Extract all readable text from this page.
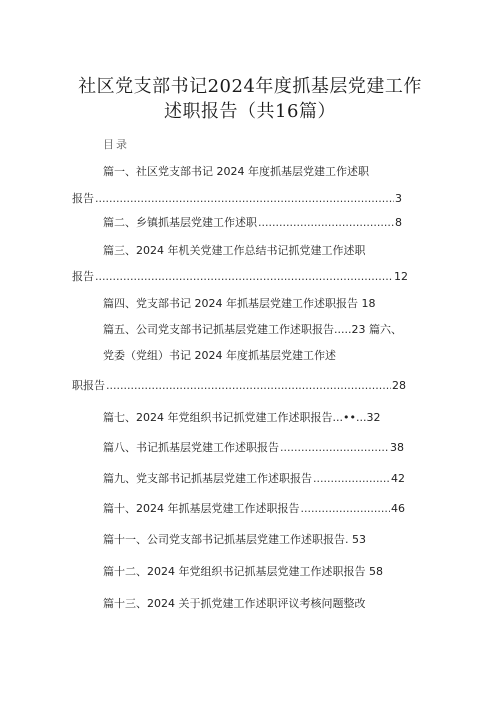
社区党支部书记2024年度抓基层党建工作
述职报告（共16篇）
目录
篇一、社区党支部书记 2024 年度抓基层党建工作述职
报告 .....	3
篇二、乡镇抓基层党建工作述职 .....	8
篇三、2024 年机关党建工作总结书记抓党建工作述职
报告 .....	12
篇四、党支部书记 2024 年抓基层党建工作述职报告 18
篇五、公司党支部书记抓基层党建工作述职报告.....23 篇六、
党委（党组）书记 2024 年度抓基层党建工作述
职报告 .....	28
篇七、2024 年党组织书记抓党建工作述职报告...••...32
篇八、书记抓基层党建工作述职报告 .....	38
篇九、党支部书记抓基层党建工作述职报告 .....	42
篇十、2024 年抓基层党建工作述职报告 .....	46
篇十一、公司党支部书记抓基层党建工作述职报告. 53
篇十二、2024 年党组织书记抓基层党建工作述职报告 58
篇十三、2024 关于抓党建工作述职评议考核问题整改
